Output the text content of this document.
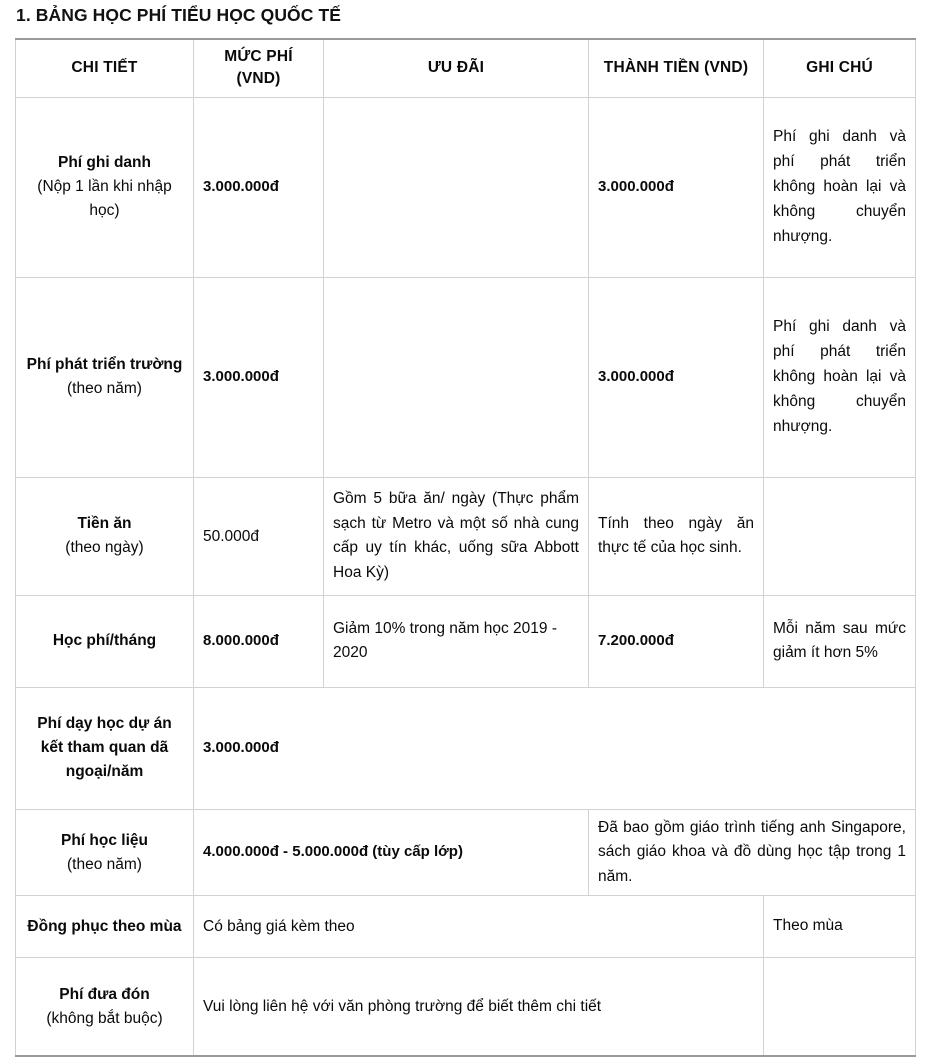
1. BẢNG HỌC PHÍ TIỂU HỌC QUỐC TẾ
CHI TIẾT	MỨC PHÍ
(VND)	ƯU ĐÃI	THÀNH TIỀN (VND)	GHI CHÚ

Phí ghi danh
(Nộp 1 lần khi nhập học)	3.000.000đ		3.000.000đ	Phí ghi danh và phí phát triển không hoàn lại và không chuyển nhượng.

Phí phát triển trường
(theo năm)	3.000.000đ		3.000.000đ	Phí ghi danh và phí phát triển không hoàn lại và không chuyển nhượng.

Tiền ăn
(theo ngày)	50.000đ	Gồm 5 bữa ăn/ ngày (Thực phẩm sạch từ Metro và một số nhà cung cấp uy tín khác, uống sữa Abbott Hoa Kỳ)	Tính theo ngày ăn thực tế của học sinh.	

Học phí/tháng	8.000.000đ	Giảm 10% trong năm học 2019 - 2020	7.200.000đ	Mỗi năm sau mức giảm ít hơn 5%

Phí dạy học dự án kết tham quan dã ngoại/năm	3.000.000đ			

Phí học liệu
(theo năm)	4.000.000đ - 5.000.000đ (tùy cấp lớp)		Đã bao gồm giáo trình tiếng anh Singapore, sách giáo khoa và đồ dùng học tập trong 1 năm.	

Đồng phục theo mùa	Có bảng giá kèm theo			Theo mùa

Phí đưa đón
(không bắt buộc)	Vui lòng liên hệ với văn phòng trường để biết thêm chi tiết			
